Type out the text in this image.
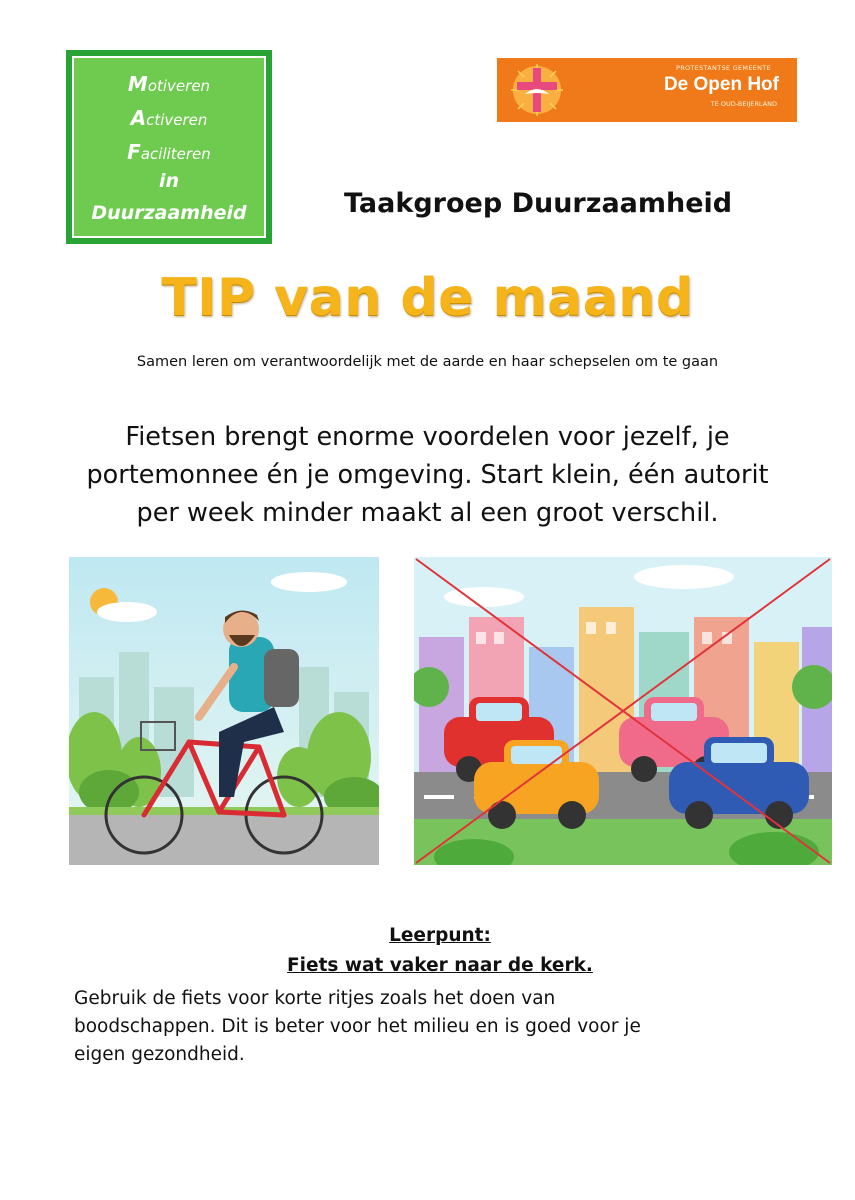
Motiveren
Activeren
Faciliteren
in
Duurzaamheid
PROTESTANTSE GEMEENTE
De Open Hof
TE OUD-BEIJERLAND
Taakgroep Duurzaamheid
TIP van de maand
Samen leren om verantwoordelijk met de aarde en haar schepselen om te gaan
Fietsen brengt enorme voordelen voor jezelf, je
portemonnee én je omgeving. Start klein, één autorit
per week minder maakt al een groot verschil.
Leerpunt:
Fiets wat vaker naar de kerk.
Gebruik de fiets voor korte ritjes zoals het doen van
boodschappen. Dit is beter voor het milieu en is goed voor je
eigen gezondheid.
